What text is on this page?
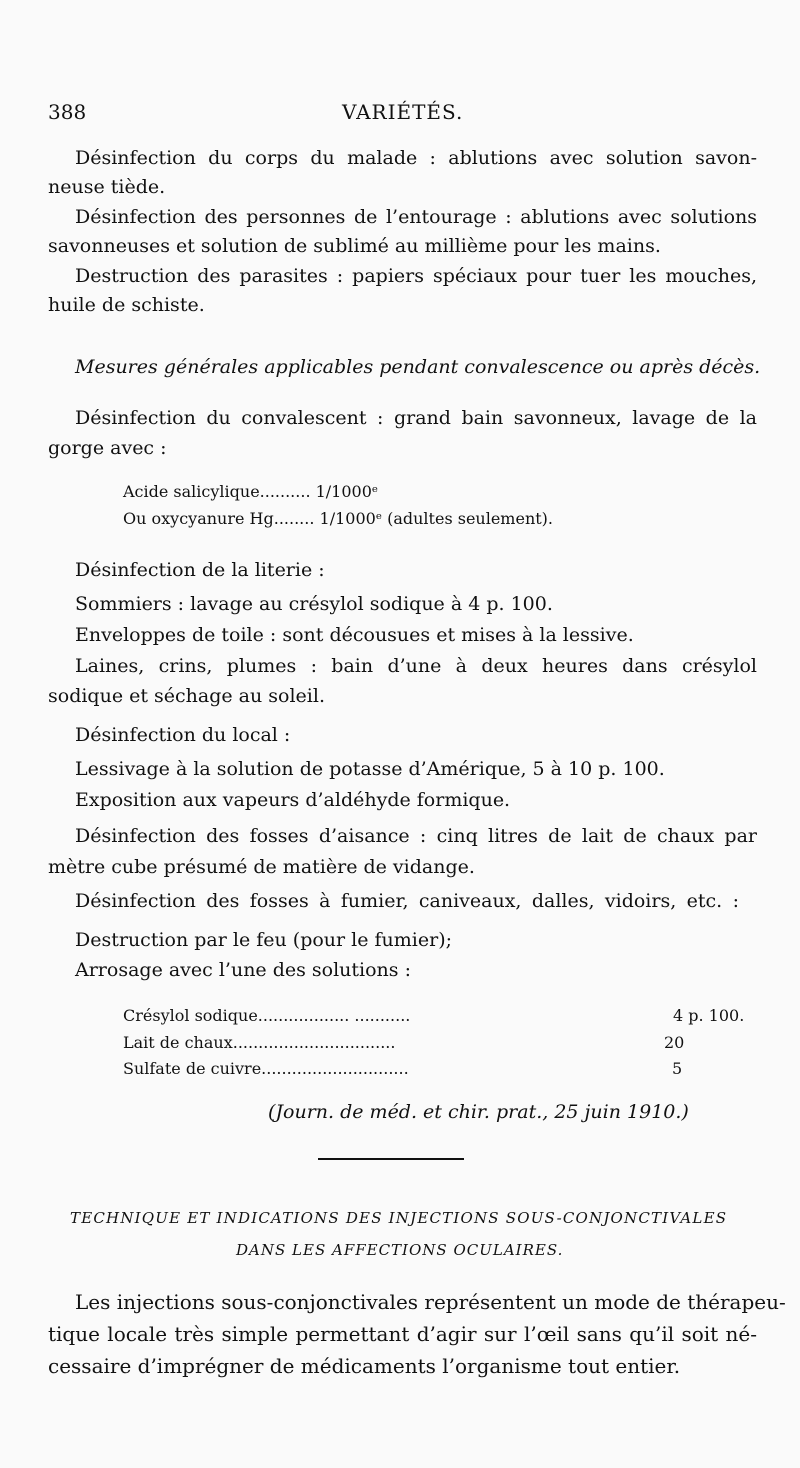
388	VARIÉTÉS.
Désinfection du corps du malade : ablutions avec solution savon-
neuse tiède.
Désinfection des personnes de l’entourage : ablutions avec solutions
savonneuses et solution de sublimé au millième pour les mains.
Destruction des parasites : papiers spéciaux pour tuer les mouches,
huile de schiste.
Mesures générales applicables pendant convalescence ou après décès.
Désinfection du convalescent : grand bain savonneux, lavage de la
gorge avec :
Acide salicylique.......... 1/1000ᵉ
Ou oxycyanure Hg........ 1/1000ᵉ (adultes seulement).
Désinfection de la literie :
Sommiers : lavage au crésylol sodique à 4 p. 100.
Enveloppes de toile : sont décousues et mises à la lessive.
Laines, crins, plumes : bain d’une à deux heures dans crésylol
sodique et séchage au soleil.
Désinfection du local :
Lessivage à la solution de potasse d’Amérique, 5 à 10 p. 100.
Exposition aux vapeurs d’aldéhyde formique.
Désinfection des fosses d’aisance : cinq litres de lait de chaux par
mètre cube présumé de matière de vidange.
Désinfection des fosses à fumier, caniveaux, dalles, vidoirs, etc. :
Destruction par le feu (pour le fumier);
Arrosage avec l’une des solutions :
Crésylol sodique.................. ...........	4 p. 100.
Lait de chaux................................	20
Sulfate de cuivre.............................	5
(Journ. de méd. et chir. prat., 25 juin 1910.)
TECHNIQUE ET INDICATIONS DES INJECTIONS SOUS-CONJONCTIVALES
DANS LES AFFECTIONS OCULAIRES.
Les injections sous-conjonctivales représentent un mode de thérapeu-
tique locale très simple permettant d’agir sur l’œil sans qu’il soit né-
cessaire d’imprégner de médicaments l’organisme tout entier.
